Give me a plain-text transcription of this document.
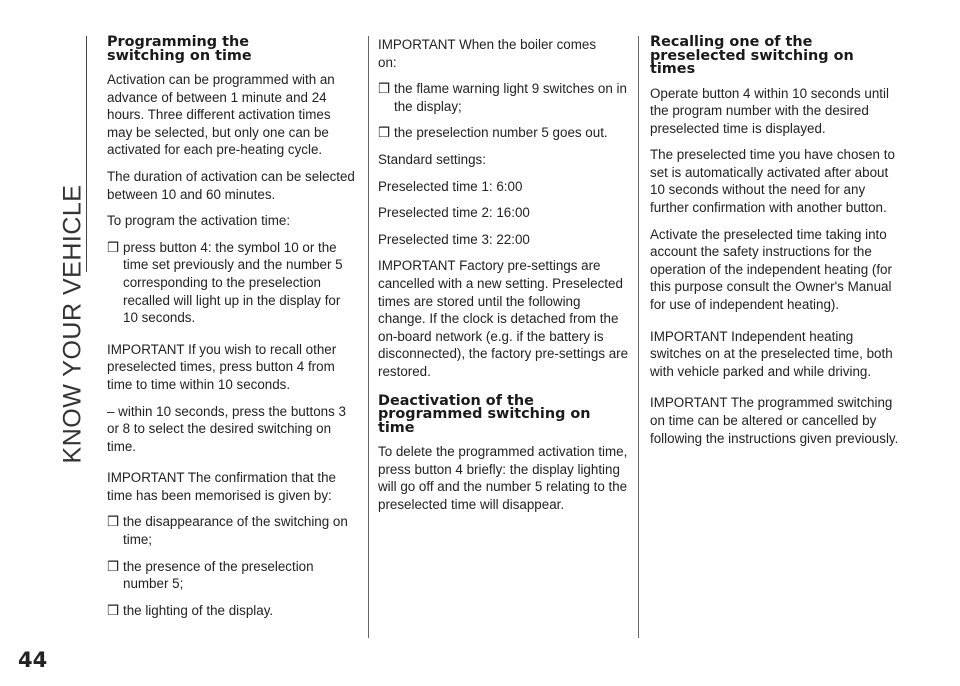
KNOW YOUR VEHICLE
Programming the switching on time

Activation can be programmed with an advance of between 1 minute and 24 hours. Three different activation times may be selected, but only one can be activated for each pre-heating cycle.

The duration of activation can be selected between 10 and 60 minutes.

To program the activation time:

❒ press button 4: the symbol 10 or the time set previously and the number 5 corresponding to the preselection recalled will light up in the display for 10 seconds.

IMPORTANT If you wish to recall other preselected times, press button 4 from time to time within 10 seconds.

– within 10 seconds, press the buttons 3 or 8 to select the desired switching on time.

IMPORTANT The confirmation that the time has been memorised is given by:

❒ the disappearance of the switching on time;
❒ the presence of the preselection number 5;
❒ the lighting of the display.

IMPORTANT When the boiler comes on:

❒ the flame warning light 9 switches on in the display;
❒ the preselection number 5 goes out.

Standard settings:

Preselected time 1: 6:00

Preselected time 2: 16:00

Preselected time 3: 22:00

IMPORTANT Factory pre-settings are cancelled with a new setting. Preselected times are stored until the following change. If the clock is detached from the on-board network (e.g. if the battery is disconnected), the factory pre-settings are restored.

Deactivation of the programmed switching on time

To delete the programmed activation time, press button 4 briefly: the display lighting will go off and the number 5 relating to the preselected time will disappear.

Recalling one of the preselected switching on times

Operate button 4 within 10 seconds until the program number with the desired preselected time is displayed.

The preselected time you have chosen to set is automatically activated after about 10 seconds without the need for any further confirmation with another button.

Activate the preselected time taking into account the safety instructions for the operation of the independent heating (for this purpose consult the Owner's Manual for use of independent heating).

IMPORTANT Independent heating switches on at the preselected time, both with vehicle parked and while driving.

IMPORTANT The programmed switching on time can be altered or cancelled by following the instructions given previously.

44
